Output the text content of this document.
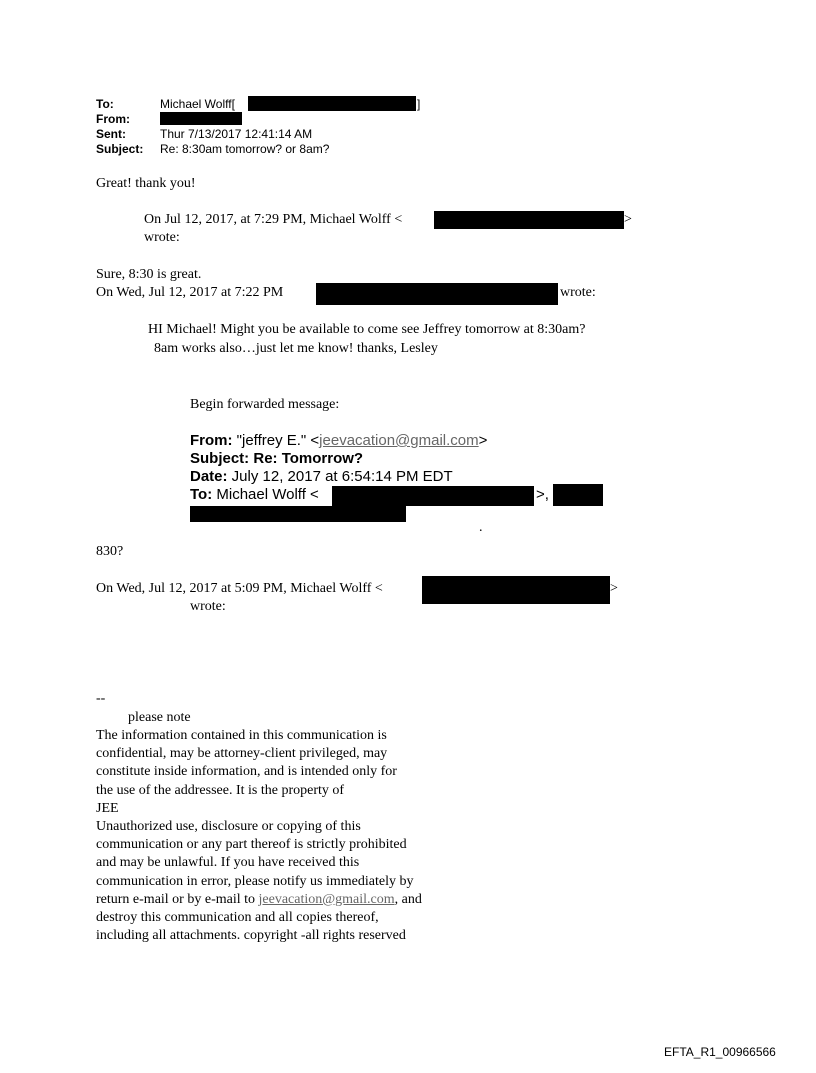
To:	Michael Wolff[	]
From:
Sent:	Thur 7/13/2017 12:41:14 AM
Subject: Re: 8:30am tomorrow? or 8am?
Great! thank you!
On Jul 12, 2017, at 7:29 PM, Michael Wolff <	>
wrote:
Sure, 8:30 is great.
On Wed, Jul 12, 2017 at 7:22 PM	wrote:
HI Michael! Might you be available to come see Jeffrey tomorrow at 8:30am?
8am works also…just let me know! thanks, Lesley
Begin forwarded message:
From: "jeffrey E." <jeevacation@gmail.com>
Subject: Re: Tomorrow?
Date: July 12, 2017 at 6:54:14 PM EDT
To: Michael Wolff <	>,
.
830?
On Wed, Jul 12, 2017 at 5:09 PM, Michael Wolff <	>
wrote:
--
please note
The information contained in this communication is
confidential, may be attorney-client privileged, may
constitute inside information, and is intended only for
the use of the addressee. It is the property of
JEE
Unauthorized use, disclosure or copying of this
communication or any part thereof is strictly prohibited
and may be unlawful. If you have received this
communication in error, please notify us immediately by
return e-mail or by e-mail to jeevacation@gmail.com, and
destroy this communication and all copies thereof,
including all attachments. copyright -all rights reserved
EFTA_R1_00966566
